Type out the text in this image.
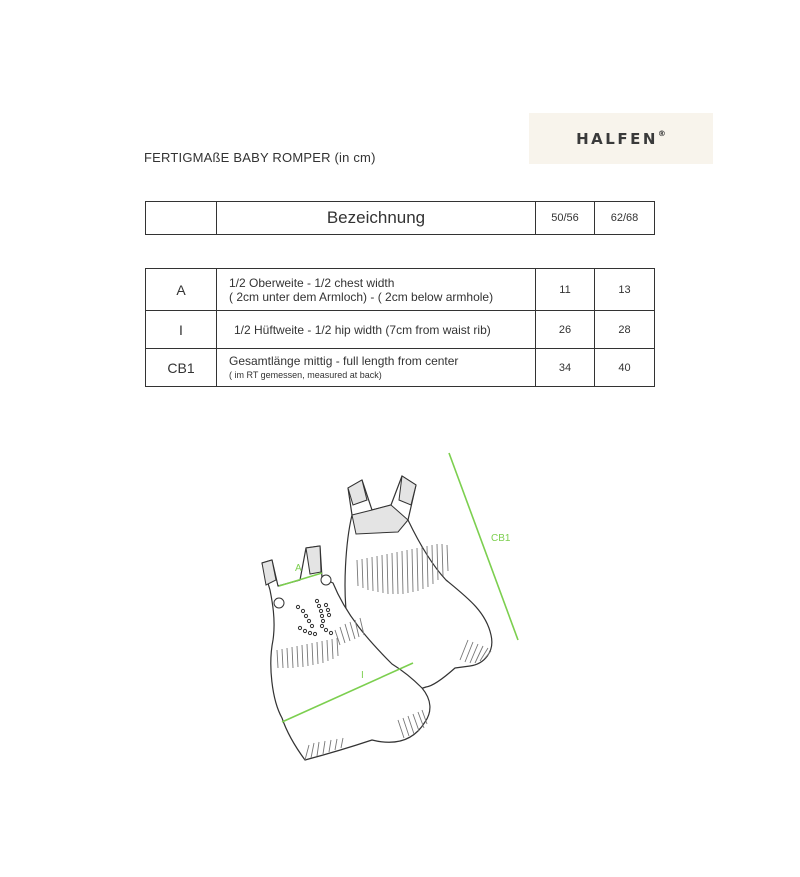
HALFEN®
FERTIGMAßE BABY ROMPER (in cm)
	Bezeichnung	50/56	62/68
A	1/2 Oberweite - 1/2 chest width
( 2cm unter dem Armloch) - ( 2cm below armhole)	11	13
I	1/2 Hüftweite - 1/2 hip width (7cm from waist rib)	26	28
CB1	Gesamtlänge mittig - full length from center
( im RT gemessen, measured at back)	34	40
A
I
CB1
